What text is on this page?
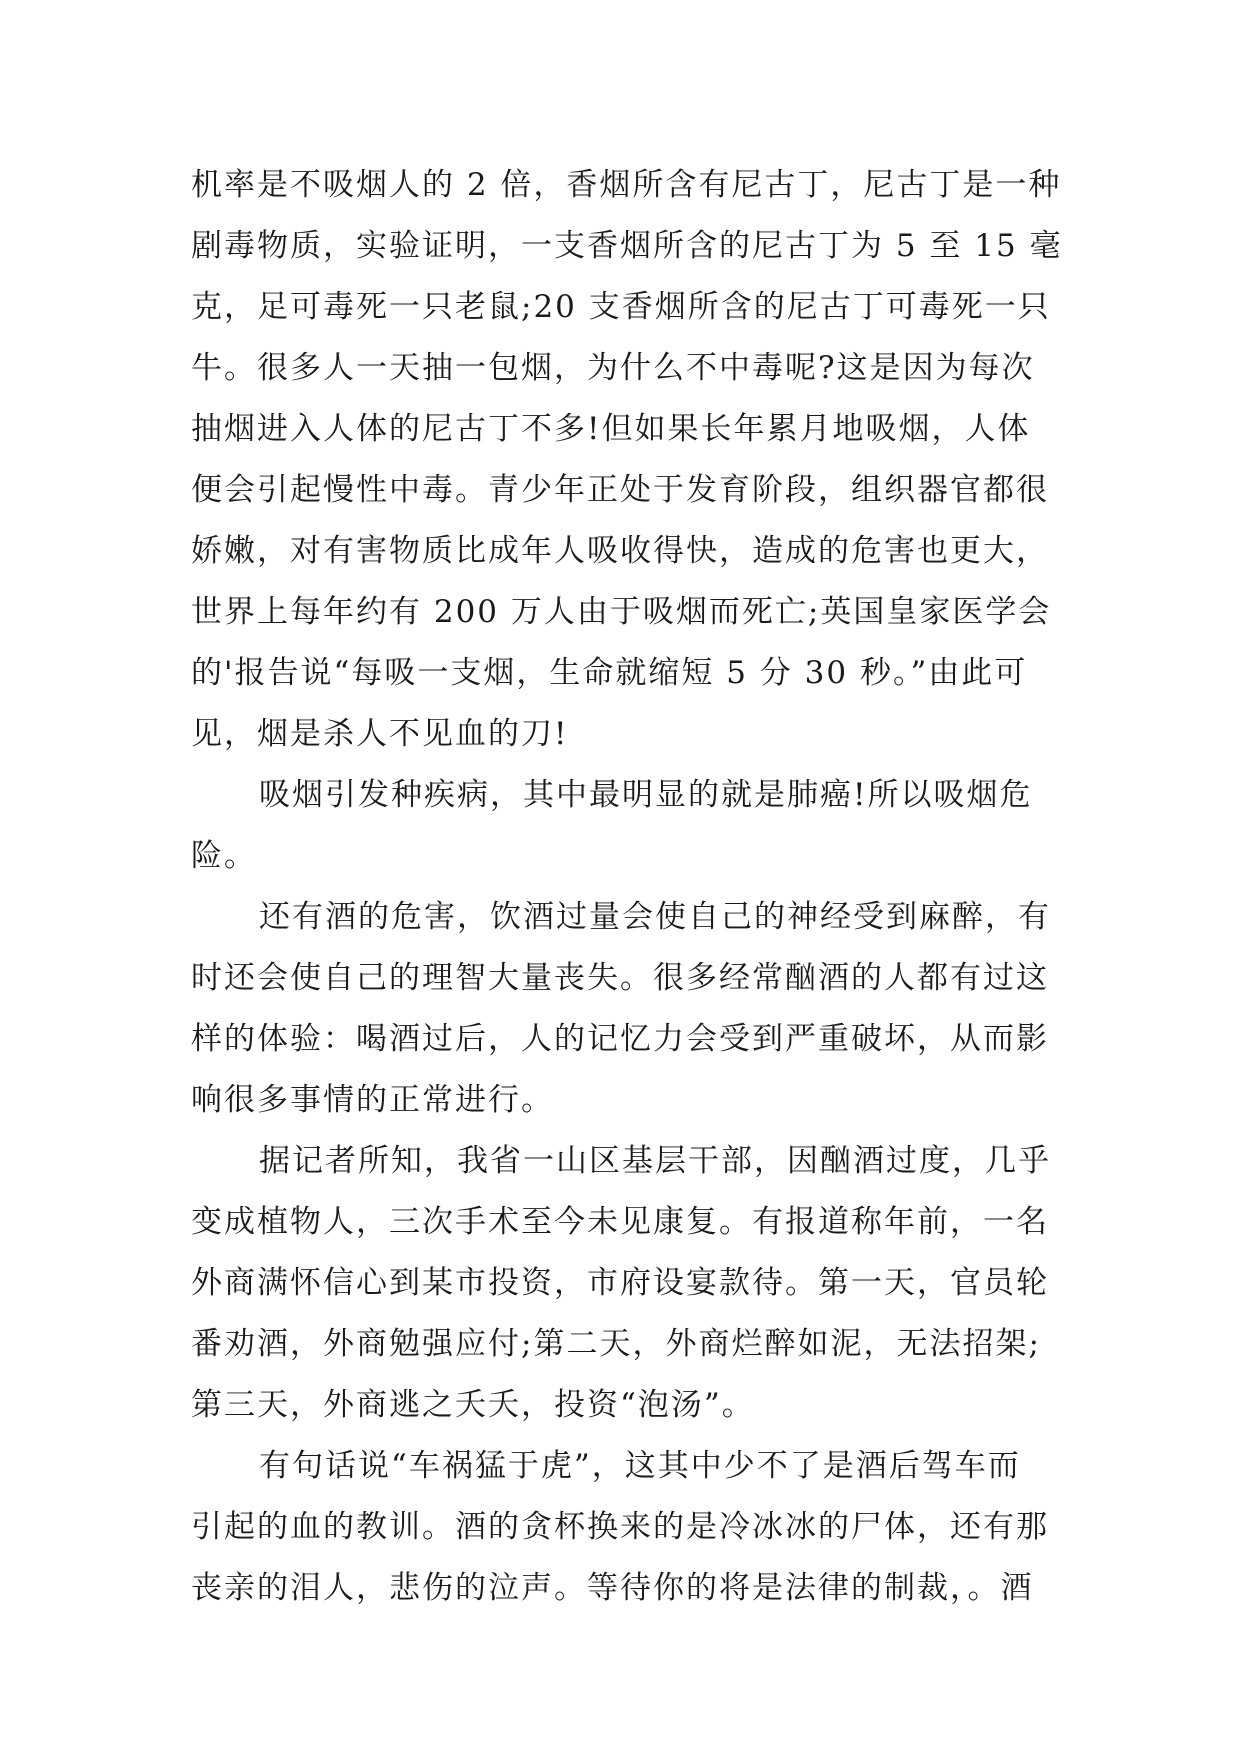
机率是不吸烟人的 2 倍，香烟所含有尼古丁，尼古丁是一种
剧毒物质，实验证明，一支香烟所含的尼古丁为 5 至 15 毫
克，足可毒死一只老鼠;20 支香烟所含的尼古丁可毒死一只
牛。很多人一天抽一包烟，为什么不中毒呢?这是因为每次
抽烟进入人体的尼古丁不多!但如果长年累月地吸烟，人体
便会引起慢性中毒。青少年正处于发育阶段，组织器官都很
娇嫩，对有害物质比成年人吸收得快，造成的危害也更大，
世界上每年约有 200 万人由于吸烟而死亡;英国皇家医学会
的'报告说“每吸一支烟，生命就缩短 5 分 30 秒。”由此可
见，烟是杀人不见血的刀!
吸烟引发种疾病，其中最明显的就是肺癌!所以吸烟危
险。
还有酒的危害，饮酒过量会使自己的神经受到麻醉，有
时还会使自己的理智大量丧失。很多经常酗酒的人都有过这
样的体验：喝酒过后，人的记忆力会受到严重破坏，从而影
响很多事情的正常进行。
据记者所知，我省一山区基层干部，因酗酒过度，几乎
变成植物人，三次手术至今未见康复。有报道称年前，一名
外商满怀信心到某市投资，市府设宴款待。第一天，官员轮
番劝酒，外商勉强应付;第二天，外商烂醉如泥，无法招架;
第三天，外商逃之夭夭，投资“泡汤”。
有句话说“车祸猛于虎”，这其中少不了是酒后驾车而
引起的血的教训。酒的贪杯换来的是冷冰冰的尸体，还有那
丧亲的泪人，悲伤的泣声。等待你的将是法律的制裁，。酒
